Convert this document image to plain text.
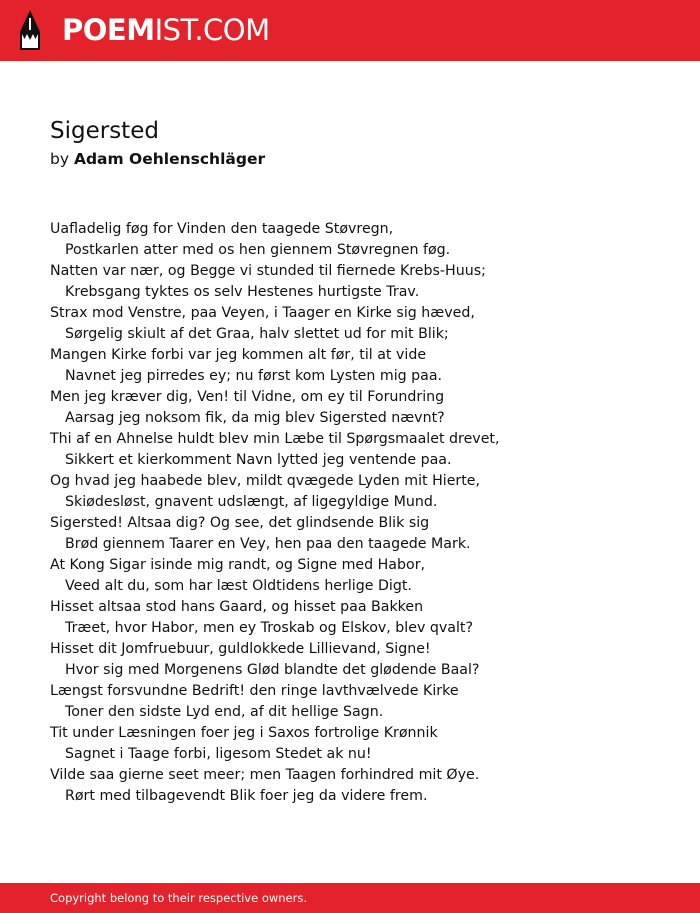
POEMIST.COM
Sigersted
by Adam Oehlenschläger
Uafladelig føg for Vinden den taagede Støvregn,
Postkarlen atter med os hen giennem Støvregnen føg.
Natten var nær, og Begge vi stunded til fiernede Krebs-Huus;
Krebsgang tyktes os selv Hestenes hurtigste Trav.
Strax mod Venstre, paa Veyen, i Taager en Kirke sig hæved,
Sørgelig skiult af det Graa, halv slettet ud for mit Blik;
Mangen Kirke forbi var jeg kommen alt før, til at vide
Navnet jeg pirredes ey; nu først kom Lysten mig paa.
Men jeg kræver dig, Ven! til Vidne, om ey til Forundring
Aarsag jeg noksom fik, da mig blev Sigersted nævnt?
Thi af en Ahnelse huldt blev min Læbe til Spørgsmaalet drevet,
Sikkert et kierkomment Navn lytted jeg ventende paa.
Og hvad jeg haabede blev, mildt qvægede Lyden mit Hierte,
Skiødesløst, gnavent udslængt, af ligegyldige Mund.
Sigersted! Altsaa dig? Og see, det glindsende Blik sig
Brød giennem Taarer en Vey, hen paa den taagede Mark.
At Kong Sigar isinde mig randt, og Signe med Habor,
Veed alt du, som har læst Oldtidens herlige Digt.
Hisset altsaa stod hans Gaard, og hisset paa Bakken
Træet, hvor Habor, men ey Troskab og Elskov, blev qvalt?
Hisset dit Jomfruebuur, guldlokkede Lillievand, Signe!
Hvor sig med Morgenens Glød blandte det glødende Baal?
Længst forsvundne Bedrift! den ringe lavthvælvede Kirke
Toner den sidste Lyd end, af dit hellige Sagn.
Tit under Læsningen foer jeg i Saxos fortrolige Krønnik
Sagnet i Taage forbi, ligesom Stedet ak nu!
Vilde saa gierne seet meer; men Taagen forhindred mit Øye.
Rørt med tilbagevendt Blik foer jeg da videre frem.
Copyright belong to their respective owners.
